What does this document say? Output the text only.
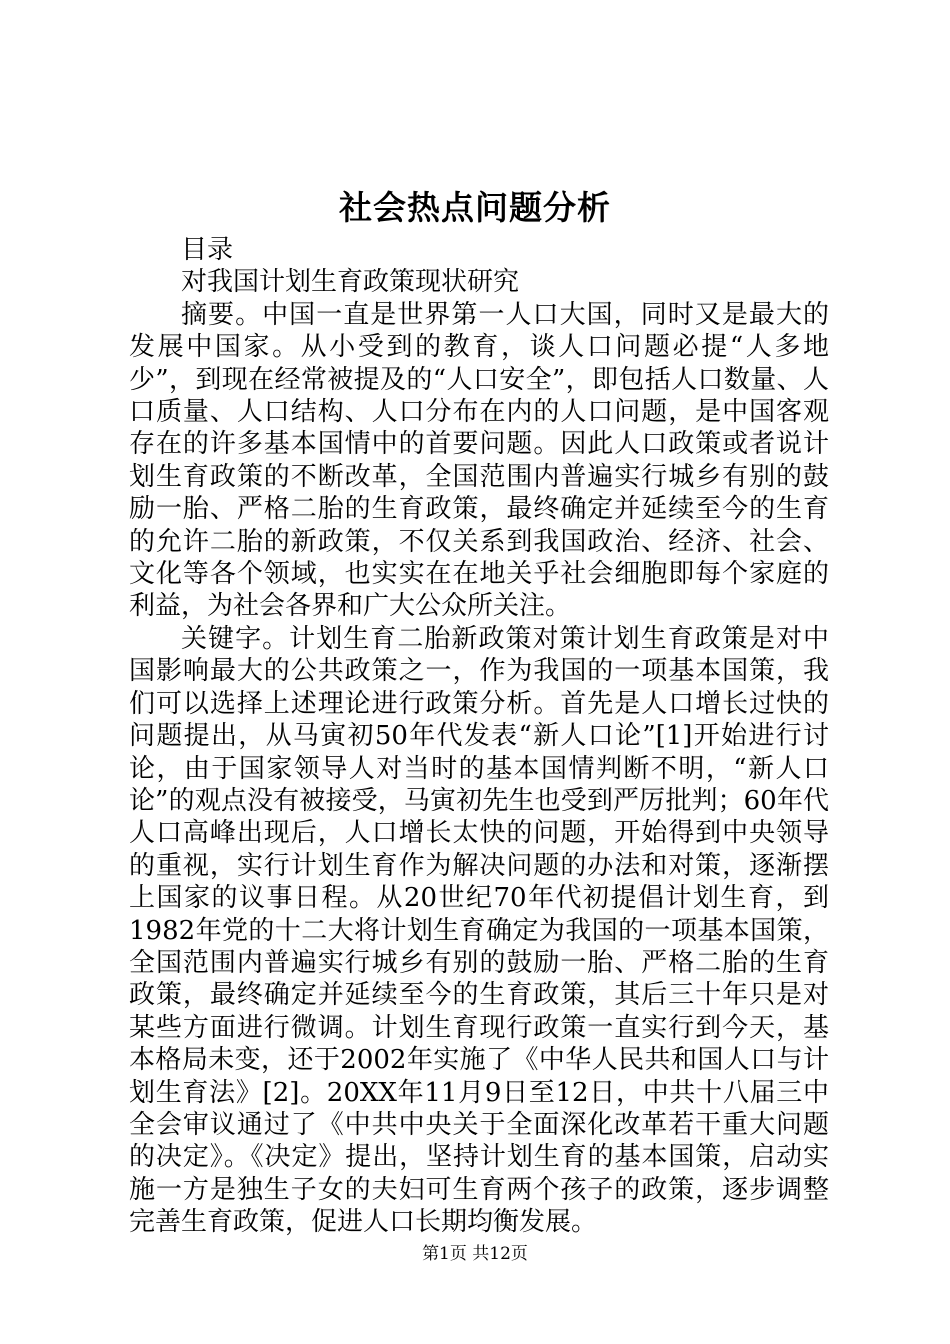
社会热点问题分析

目录

对我国计划生育政策现状研究

摘要。中国一直是世界第一人口大国，同时又是最大的发展中国家。从小受到的教育，谈人口问题必提“人多地少”，到现在经常被提及的“人口安全”，即包括人口数量、人口质量、人口结构、人口分布在内的人口问题，是中国客观存在的许多基本国情中的首要问题。因此人口政策或者说计划生育政策的不断改革，全国范围内普遍实行城乡有别的鼓励一胎、严格二胎的生育政策，最终确定并延续至今的生育的允许二胎的新政策，不仅关系到我国政治、经济、社会、文化等各个领域，也实实在在地关乎社会细胞即每个家庭的利益，为社会各界和广大公众所关注。

关键字。计划生育二胎新政策对策计划生育政策是对中国影响最大的公共政策之一，作为我国的一项基本国策，我们可以选择上述理论进行政策分析。首先是人口增长过快的问题提出，从马寅初50年代发表“新人口论”[1]开始进行讨论，由于国家领导人对当时的基本国情判断不明，“新人口论”的观点没有被接受，马寅初先生也受到严厉批判；60年代人口高峰出现后，人口增长太快的问题，开始得到中央领导的重视，实行计划生育作为解决问题的办法和对策，逐渐摆上国家的议事日程。从20世纪70年代初提倡计划生育，到1982年党的十二大将计划生育确定为我国的一项基本国策，全国范围内普遍实行城乡有别的鼓励一胎、严格二胎的生育政策，最终确定并延续至今的生育政策，其后三十年只是对某些方面进行微调。计划生育现行政策一直实行到今天，基本格局未变，还于2002年实施了《中华人民共和国人口与计划生育法》[2]。20XX年11月9日至12日，中共十八届三中全会审议通过了《中共中央关于全面深化改革若干重大问题的决定》。《决定》提出，坚持计划生育的基本国策，启动实施一方是独生子女的夫妇可生育两个孩子的政策，逐步调整完善生育政策，促进人口长期均衡发展。

第1页 共12页
